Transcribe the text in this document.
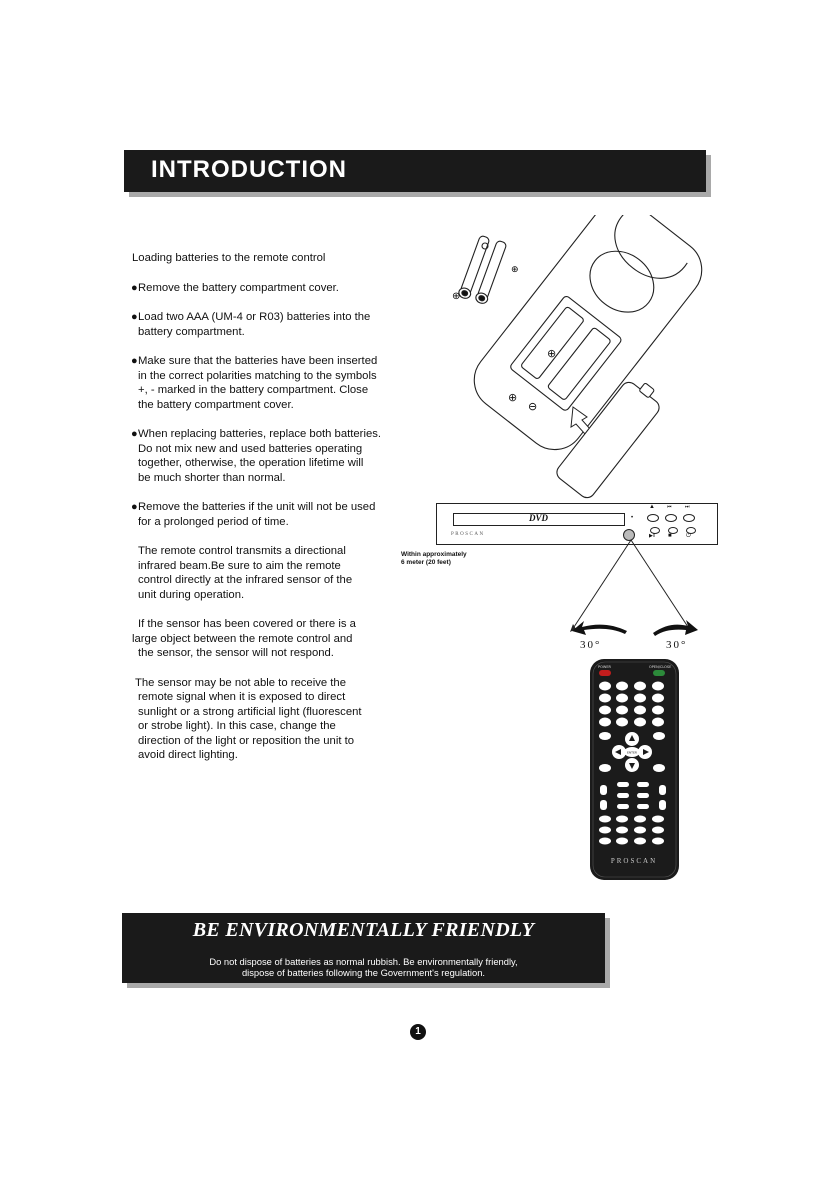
INTRODUCTION

Loading batteries to the remote control

● Remove the battery compartment cover.

● Load two AAA (UM-4 or R03) batteries into the

battery compartment.

● Make sure that the batteries have been inserted

in the correct polarities matching to the symbols

+, - marked in the battery compartment. Close

the battery compartment cover.

● When replacing batteries, replace both batteries.

Do not mix new and used batteries operating

together, otherwise, the operation lifetime will

be much shorter than normal.

● Remove the batteries if the unit will not be used

for a prolonged period of time.

The remote control transmits a directional

infrared beam.Be sure to aim the remote

control directly at the infrared sensor of the

unit during operation.

If the sensor has been covered or there is a

large object between the remote control and

the sensor, the sensor will not respond.

The sensor may be not able to receive the

remote signal when it is exposed to direct

sunlight or a strong artificial light (fluorescent

or strobe light). In this case, change the

direction of the light or reposition the unit to

avoid direct lighting.

⊕
⊕
⊖
⊕
⊕
DVD
PROSCAN
•
▲ ⏮	⏭
▶‖ ■ ⏻
Within approximately
6 meter (20 feet)
30°	30°
POWER	OPEN/CLOSE
ENTER
PROSCAN
BE ENVIRONMENTALLY FRIENDLY

Do not dispose of batteries as normal rubbish. Be environmentally friendly,
dispose of batteries following the Government's regulation.

1
